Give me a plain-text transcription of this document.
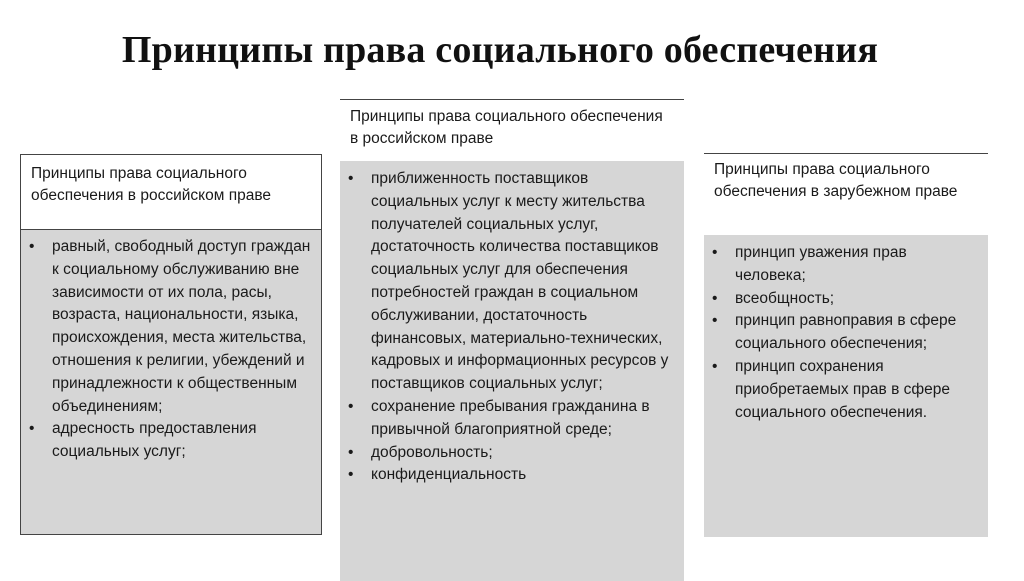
Принципы права социального обеспечения
Принципы права социального обеспечения в российском праве
• равный, свободный доступ граждан к социальному обслуживанию вне зависимости от их пола, расы, возраста, национальности, языка, происхождения, места жительства, отношения к религии, убеждений и принадлежности к общественным объединениям;
• адресность предоставления социальных услуг;
Принципы права социального обеспечения в российском праве
• приближенность поставщиков социальных услуг к месту жительства получателей социальных услуг, достаточность количества поставщиков социальных услуг для обеспечения потребностей граждан в социальном обслуживании, достаточность финансовых, материально-технических, кадровых и информационных ресурсов у поставщиков социальных услуг;
• сохранение пребывания гражданина в привычной благоприятной среде;
• добровольность;
• конфиденциальность
Принципы права социального обеспечения в зарубежном праве
• принцип уважения прав человека;
• всеобщность;
• принцип равноправия в сфере социального обеспечения;
• принцип сохранения приобретаемых прав в сфере социального обеспечения.
